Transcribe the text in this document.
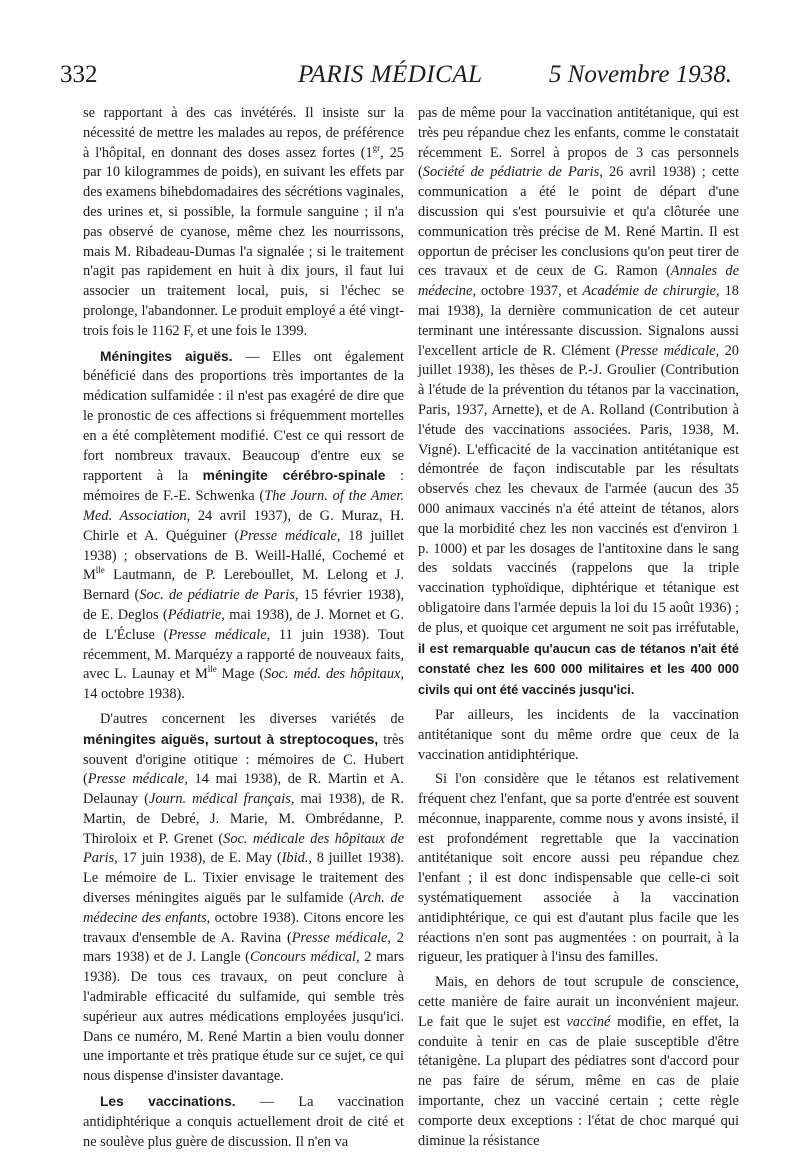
332	PARIS MÉDICAL	5 Novembre 1938.

se rapportant à des cas invétérés. Il insiste sur la nécessité de mettre les malades au repos, de préférence à l'hôpital, en donnant des doses assez fortes ($1^{gr}$, 25 par 10 kilogrammes de poids), en suivant les effets par des examens bihebdomadaires des sécrétions vaginales, des urines et, si possible, la formule sanguine ; il n'a pas observé de cyanose, même chez les nourrissons, mais M. Ribadeau-Dumas l'a signalée ; si le traitement n'agit pas rapidement en huit à dix jours, il faut lui associer un traitement local, puis, si l'échec se prolonge, l'abandonner. Le produit employé a été vingt-trois fois le 1162 F, et une fois le 1399.

Méningites aiguës. — Elles ont également bénéficié dans des proportions très importantes de la médication sulfamidée : il n'est pas exagéré de dire que le pronostic de ces affections si fréquemment mortelles en a été complètement modifié. C'est ce qui ressort de fort nombreux travaux. Beaucoup d'entre eux se rapportent à la méningite cérébro-spinale : mémoires de F.-E. Schwenka (The Journ. of the Amer. Med. Association, 24 avril 1937), de G. Muraz, H. Chirle et A. Quéguiner (Presse médicale, 18 juillet 1938) ; observations de B. Weill-Hallé, Cochemé et $M^{lle}$ Lautmann, de P. Lereboullet, M. Lelong et J. Bernard (Soc. de pédiatrie de Paris, 15 février 1938), de E. Deglos (Pédiatrie, mai 1938), de J. Mornet et G. de L'Écluse (Presse médicale, 11 juin 1938). Tout récemment, M. Marquézy a rapporté de nouveaux faits, avec L. Launay et $M^{lle}$ Mage (Soc. méd. des hôpitaux, 14 octobre 1938).

D'autres concernent les diverses variétés de méningites aiguës, surtout à streptocoques, très souvent d'origine otitique : mémoires de C. Hubert (Presse médicale, 14 mai 1938), de R. Martin et A. Delaunay (Journ. médical français, mai 1938), de R. Martin, de Debré, J. Marie, M. Ombrédanne, P. Thiroloix et P. Grenet (Soc. médicale des hôpitaux de Paris, 17 juin 1938), de E. May (Ibid., 8 juillet 1938). Le mémoire de L. Tixier envisage le traitement des diverses méningites aiguës par le sulfamide (Arch. de médecine des enfants, octobre 1938). Citons encore les travaux d'ensemble de A. Ravina (Presse médicale, 2 mars 1938) et de J. Langle (Concours médical, 2 mars 1938). De tous ces travaux, on peut conclure à l'admirable efficacité du sulfamide, qui semble très supérieur aux autres médications employées jusqu'ici. Dans ce numéro, M. René Martin a bien voulu donner une importante et très pratique étude sur ce sujet, ce qui nous dispense d'insister davantage.

Les vaccinations. — La vaccination antidiphtérique a conquis actuellement droit de cité et ne soulève plus guère de discussion. Il n'en va

pas de même pour la vaccination antitétanique, qui est très peu répandue chez les enfants, comme le constatait récemment E. Sorrel à propos de 3 cas personnels (Société de pédiatrie de Paris, 26 avril 1938) ; cette communication a été le point de départ d'une discussion qui s'est poursuivie et qu'a clôturée une communication très précise de M. René Martin. Il est opportun de préciser les conclusions qu'on peut tirer de ces travaux et de ceux de G. Ramon (Annales de médecine, octobre 1937, et Académie de chirurgie, 18 mai 1938), la dernière communication de cet auteur terminant une intéressante discussion. Signalons aussi l'excellent article de R. Clément (Presse médicale, 20 juillet 1938), les thèses de P.-J. Groulier (Contribution à l'étude de la prévention du tétanos par la vaccination, Paris, 1937, Arnette), et de A. Rolland (Contribution à l'étude des vaccinations associées. Paris, 1938, M. Vigné). L'efficacité de la vaccination antitétanique est démontrée de façon indiscutable par les résultats observés chez les chevaux de l'armée (aucun des 35 000 animaux vaccinés n'a été atteint de tétanos, alors que la morbidité chez les non vaccinés est d'environ 1 p. 1000) et par les dosages de l'antitoxine dans le sang des soldats vaccinés (rappelons que la triple vaccination typhoïdique, diphtérique et tétanique est obligatoire dans l'armée depuis la loi du 15 août 1936) ; de plus, et quoique cet argument ne soit pas irréfutable, il est remarquable qu'aucun cas de tétanos n'ait été constaté chez les 600 000 militaires et les 400 000 civils qui ont été vaccinés jusqu'ici.

Par ailleurs, les incidents de la vaccination antitétanique sont du même ordre que ceux de la vaccination antidiphtérique.

Si l'on considère que le tétanos est relativement fréquent chez l'enfant, que sa porte d'entrée est souvent méconnue, inapparente, comme nous y avons insisté, il est profondément regrettable que la vaccination antitétanique soit encore aussi peu répandue chez l'enfant ; il est donc indispensable que celle-ci soit systématiquement associée à la vaccination antidiphtérique, ce qui est d'autant plus facile que les réactions n'en sont pas augmentées : on pourrait, à la rigueur, les pratiquer à l'insu des familles.

Mais, en dehors de tout scrupule de conscience, cette manière de faire aurait un inconvénient majeur. Le fait que le sujet est vacciné modifie, en effet, la conduite à tenir en cas de plaie susceptible d'être tétanigène. La plupart des pédiatres sont d'accord pour ne pas faire de sérum, même en cas de plaie importante, chez un vacciné certain ; cette règle comporte deux exceptions : l'état de choc marqué qui diminue la résistance
